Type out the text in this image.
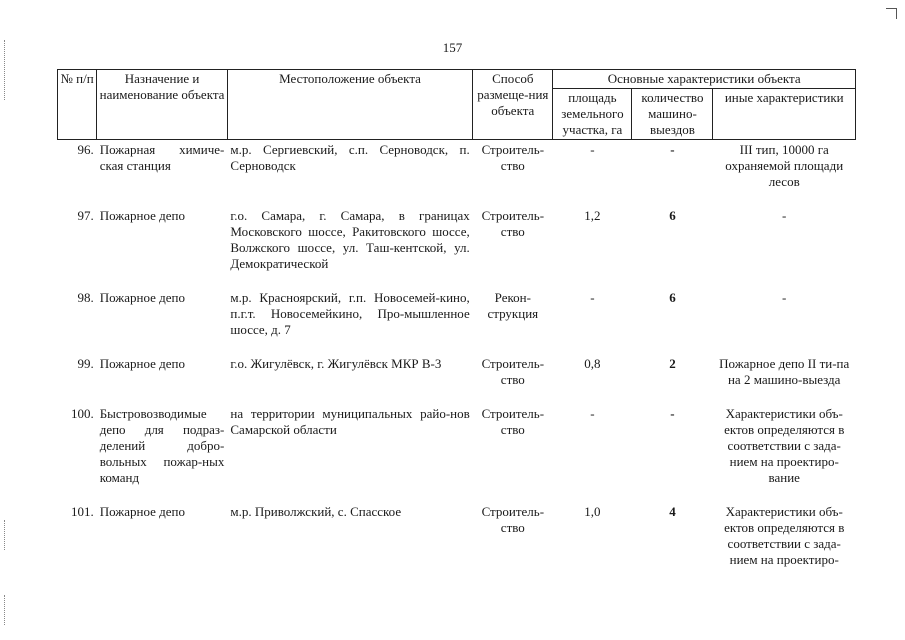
157
№ п/п	Назначение и наименование объекта	Местоположение объекта	Способ размеще-ния объекта	Основные характеристики объекта		
				площадь земельного участка, га	количество машино-выездов	иные характеристики
96.	Пожарная химиче-ская станция	м.р. Сергиевский, с.п. Серноводск, п. Серноводск	Строитель-ство	-	-	III тип, 10000 га охраняемой площади лесов

97.	Пожарное депо	г.о. Самара, г. Самара, в границах Московского шоссе, Ракитовского шоссе, Волжского шоссе, ул. Таш-кентской, ул. Демократической	Строитель-ство	1,2	6	-

98.	Пожарное депо	м.р. Красноярский, г.п. Новосемей-кино, п.г.т. Новосемейкино, Про-мышленное шоссе, д. 7	Рекон-струкция	-	6	-

99.	Пожарное депо	г.о. Жигулёвск, г. Жигулёвск МКР В-3	Строитель-ство	0,8	2	Пожарное депо II ти-па на 2 машино-выезда

100.	Быстровозводимые депо для подраз-делений добро-вольных пожар-ных команд	на территории муниципальных райо-нов Самарской области	Строитель-ство	-	-	Характеристики объ-ектов определяются в соответствии с зада-нием на проектиро-вание

101.	Пожарное депо	м.р. Приволжский, с. Спасское	Строитель-ство	1,0	4	Характеристики объ-ектов определяются в соответствии с зада-нием на проектиро-
